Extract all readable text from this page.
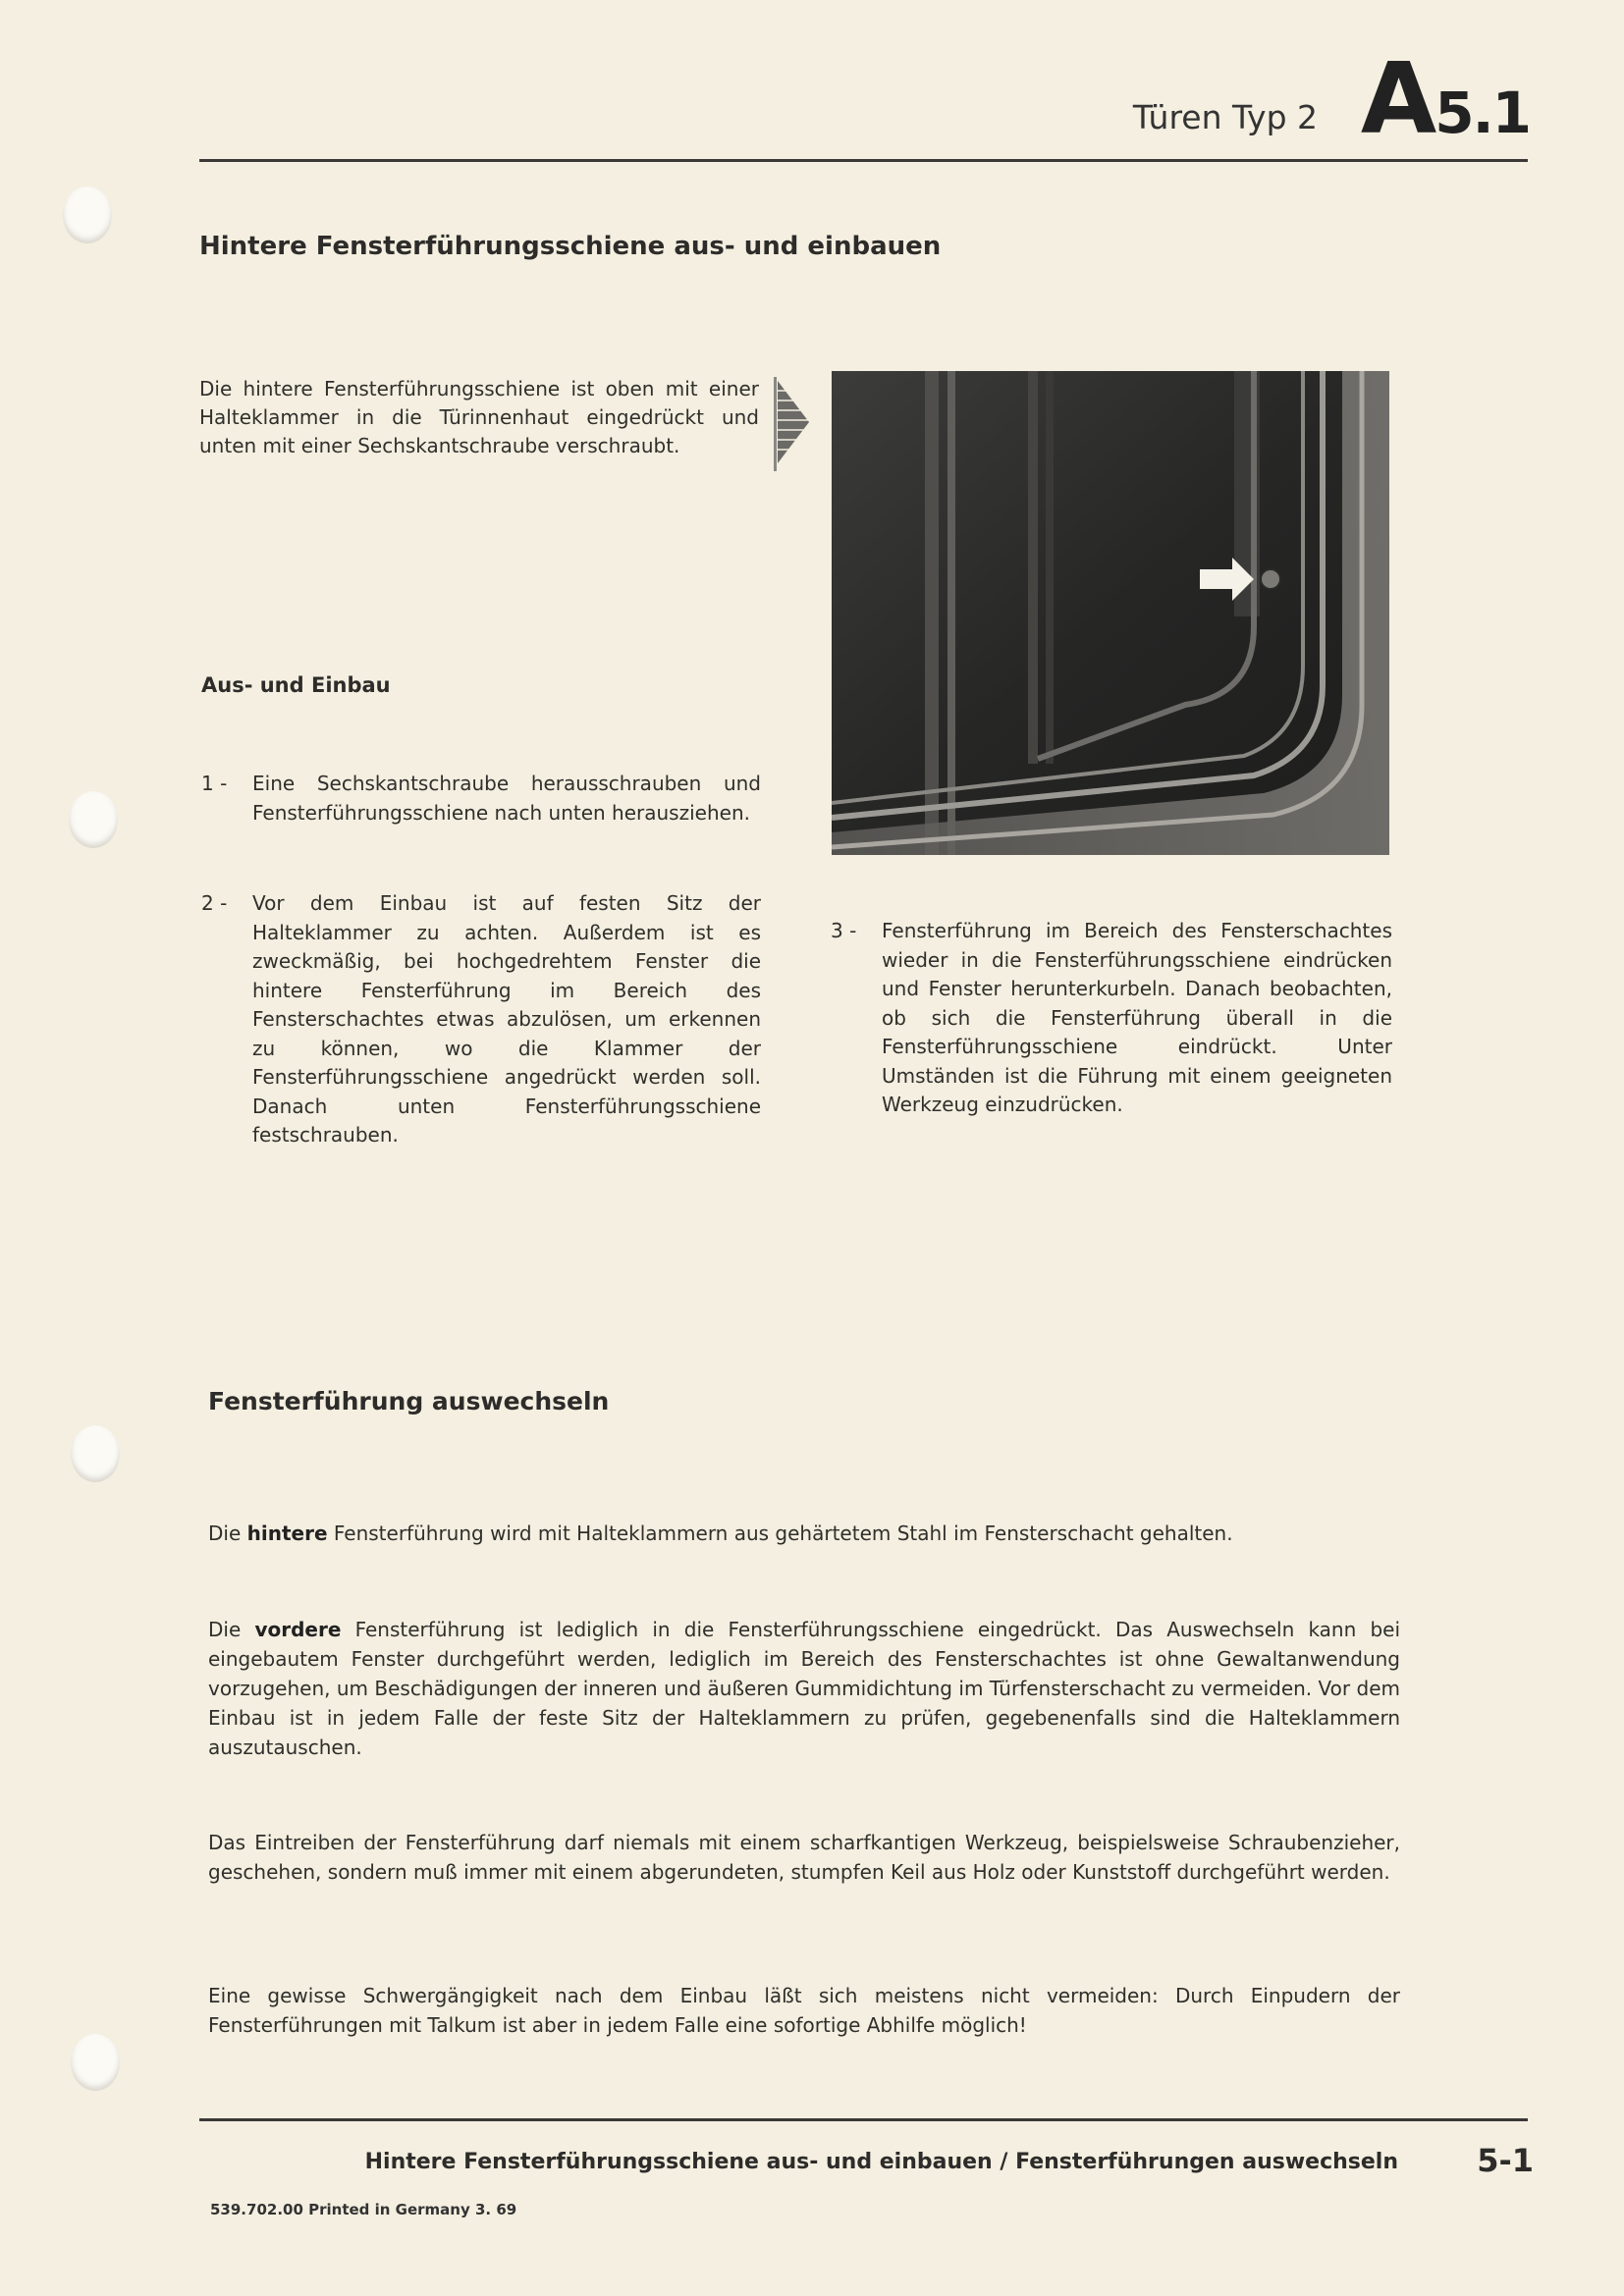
Türen Typ 2 A5.1
Hintere Fensterführungsschiene aus- und einbauen
Die hintere Fensterführungsschiene ist oben mit einer Halteklammer in die Türinnenhaut eingedrückt und unten mit einer Sechskantschraube verschraubt.
Aus- und Einbau
1 - Eine Sechskantschraube herausschrauben und Fensterführungsschiene nach unten herausziehen.
2 - Vor dem Einbau ist auf festen Sitz der Halteklammer zu achten. Außerdem ist es zweckmäßig, bei hochgedrehtem Fenster die hintere Fensterführung im Bereich des Fensterschachtes etwas abzulösen, um erkennen zu können, wo die Klammer der Fensterführungsschiene angedrückt werden soll. Danach unten Fensterführungsschiene festschrauben.
3 - Fensterführung im Bereich des Fensterschachtes wieder in die Fensterführungsschiene eindrücken und Fenster herunterkurbeln. Danach beobachten, ob sich die Fensterführung überall in die Fensterführungsschiene eindrückt. Unter Umständen ist die Führung mit einem geeigneten Werkzeug einzudrücken.
Fensterführung auswechseln
Die hintere Fensterführung wird mit Halteklammern aus gehärtetem Stahl im Fensterschacht gehalten.
Die vordere Fensterführung ist lediglich in die Fensterführungsschiene eingedrückt. Das Auswechseln kann bei eingebautem Fenster durchgeführt werden, lediglich im Bereich des Fensterschachtes ist ohne Gewaltanwendung vorzugehen, um Beschädigungen der inneren und äußeren Gummidichtung im Türfensterschacht zu vermeiden. Vor dem Einbau ist in jedem Falle der feste Sitz der Halteklammern zu prüfen, gegebenenfalls sind die Halteklammern auszutauschen.
Das Eintreiben der Fensterführung darf niemals mit einem scharfkantigen Werkzeug, beispielsweise Schraubenzieher, geschehen, sondern muß immer mit einem abgerundeten, stumpfen Keil aus Holz oder Kunststoff durchgeführt werden.
Eine gewisse Schwergängigkeit nach dem Einbau läßt sich meistens nicht vermeiden: Durch Einpudern der Fensterführungen mit Talkum ist aber in jedem Falle eine sofortige Abhilfe möglich!
Hintere Fensterführungsschiene aus- und einbauen / Fensterführungen auswechseln	5-1
539.702.00 Printed in Germany 3. 69
